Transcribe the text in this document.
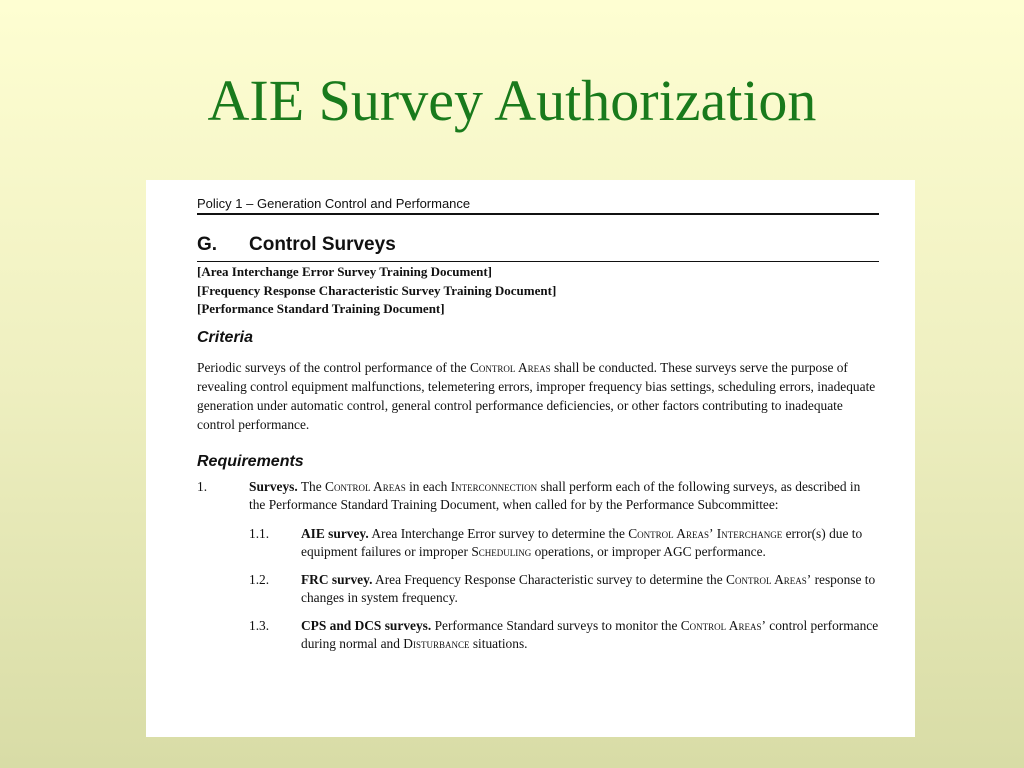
AIE Survey Authorization
Policy 1 – Generation Control and Performance
G. Control Surveys
[Area Interchange Error Survey Training Document]
[Frequency Response Characteristic Survey Training Document]
[Performance Standard Training Document]
Criteria
Periodic surveys of the control performance of the Control Areas shall be conducted. These surveys serve the purpose of revealing control equipment malfunctions, telemetering errors, improper frequency bias settings, scheduling errors, inadequate generation under automatic control, general control performance deficiencies, or other factors contributing to inadequate control performance.
Requirements
1.	Surveys. The Control Areas in each Interconnection shall perform each of the following surveys, as described in the Performance Standard Training Document, when called for by the Performance Subcommittee:
1.1. AIE survey. Area Interchange Error survey to determine the Control Areas’ Interchange error(s) due to equipment failures or improper Scheduling operations, or improper AGC performance.
1.2. FRC survey. Area Frequency Response Characteristic survey to determine the Control Areas’ response to changes in system frequency.
1.3. CPS and DCS surveys. Performance Standard surveys to monitor the Control Areas’ control performance during normal and Disturbance situations.
